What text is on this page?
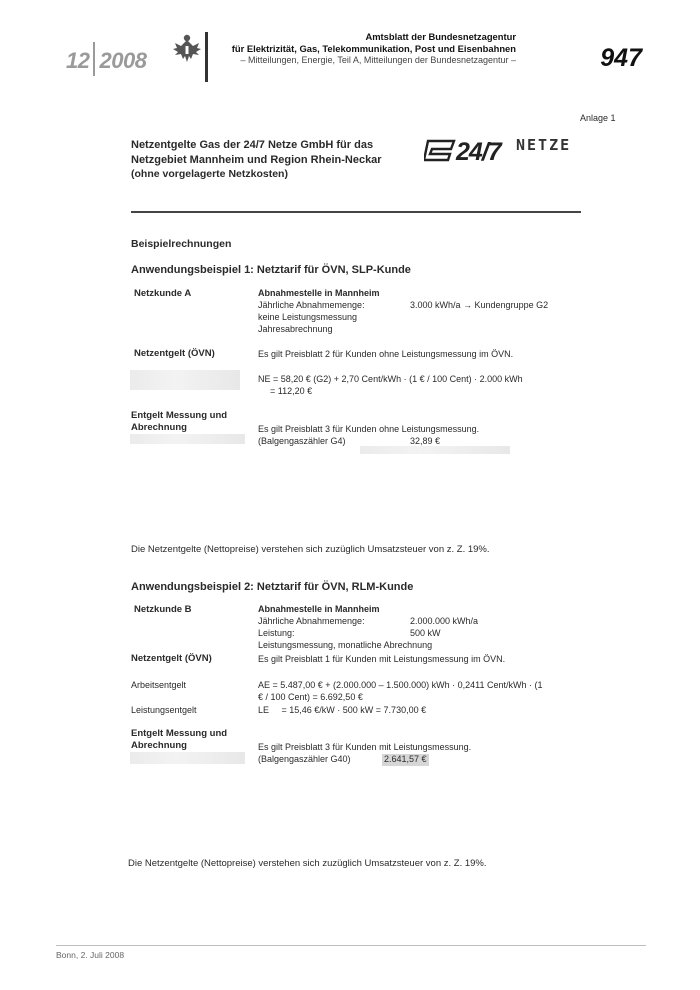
12 2008
Amtsblatt der Bundesnetzagentur
für Elektrizität, Gas, Telekommunikation, Post und Eisenbahnen
– Mitteilungen, Energie, Teil A, Mitteilungen der Bundesnetzagentur –	947
Anlage 1
Netzentgelte Gas der 24/7 Netze GmbH für das
Netzgebiet Mannheim und Region Rhein-Neckar
(ohne vorgelagerte Netzkosten)
24/7 NETZE
Beispielrechnungen
Anwendungsbeispiel 1: Netztarif für ÖVN, SLP-Kunde
Netzkunde A	Abnahmestelle in Mannheim
Jährliche Abnahmemenge:	3.000 kWh/a → Kundengruppe G2
keine Leistungsmessung
Jahresabrechnung
Netzentgelt (ÖVN)	Es gilt Preisblatt 2 für Kunden ohne Leistungsmessung im ÖVN.
NE = 58,20 € (G2) + 2,70 Cent/kWh · (1 € / 100 Cent) · 2.000 kWh
= 112,20 €
Entgelt Messung und
Abrechnung	Es gilt Preisblatt 3 für Kunden ohne Leistungsmessung.
(Balgengaszähler G4)	32,89 €
Die Netzentgelte (Nettopreise) verstehen sich zuzüglich Umsatzsteuer von z. Z. 19%.
Anwendungsbeispiel 2: Netztarif für ÖVN, RLM-Kunde
Netzkunde B	Abnahmestelle in Mannheim
Jährliche Abnahmemenge:	2.000.000 kWh/a
Leistung:	500 kW
Leistungsmessung, monatliche Abrechnung
Netzentgelt (ÖVN)	Es gilt Preisblatt 1 für Kunden mit Leistungsmessung im ÖVN.
Arbeitsentgelt	AE = 5.487,00 € + (2.000.000 – 1.500.000) kWh · 0,2411 Cent/kWh · (1
€ / 100 Cent) = 6.692,50 €
Leistungsentgelt	LE     = 15,46 €/kW · 500 kW = 7.730,00 €
Entgelt Messung und
Abrechnung	Es gilt Preisblatt 3 für Kunden mit Leistungsmessung.
(Balgengaszähler G40)	2.641,57 €
Die Netzentgelte (Nettopreise) verstehen sich zuzüglich Umsatzsteuer von z. Z. 19%.
Bonn, 2. Juli 2008
